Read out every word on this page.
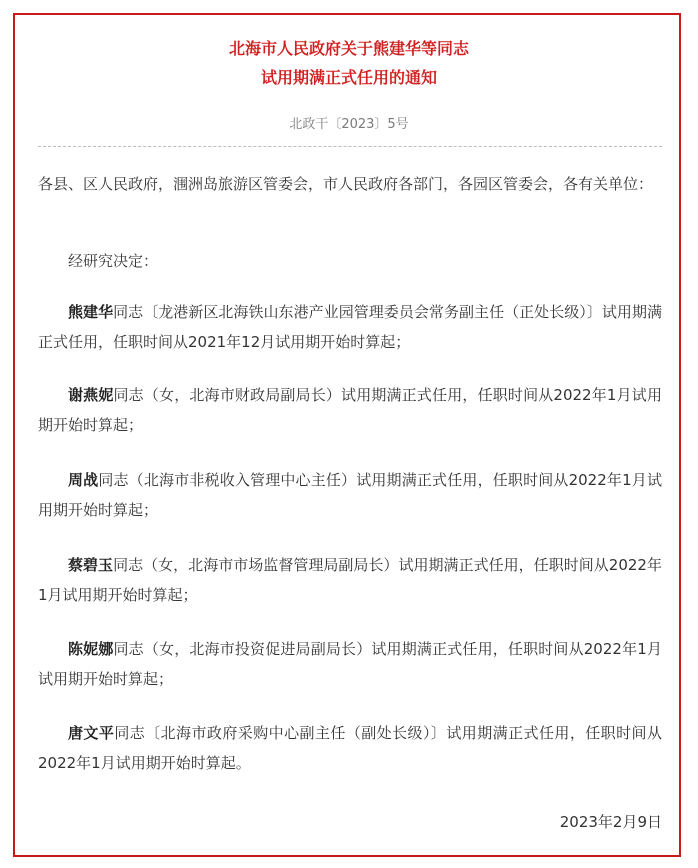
北海市人民政府关于熊建华等同志
试用期满正式任用的通知
北政干〔2023〕5号

各县、区人民政府，涠洲岛旅游区管委会，市人民政府各部门，各园区管委会，各有关单位：

经研究决定：

熊建华同志〔龙港新区北海铁山东港产业园管理委员会常务副主任（正处长级）〕试用期满正式任用，任职时间从2021年12月试用期开始时算起；

谢燕妮同志（女，北海市财政局副局长）试用期满正式任用，任职时间从2022年1月试用期开始时算起；

周战同志（北海市非税收入管理中心主任）试用期满正式任用，任职时间从2022年1月试用期开始时算起；

蔡碧玉同志（女，北海市市场监督管理局副局长）试用期满正式任用，任职时间从2022年1月试用期开始时算起；

陈妮娜同志（女，北海市投资促进局副局长）试用期满正式任用，任职时间从2022年1月试用期开始时算起；

唐文平同志〔北海市政府采购中心副主任（副处长级）〕试用期满正式任用，任职时间从2022年1月试用期开始时算起。

2023年2月9日
